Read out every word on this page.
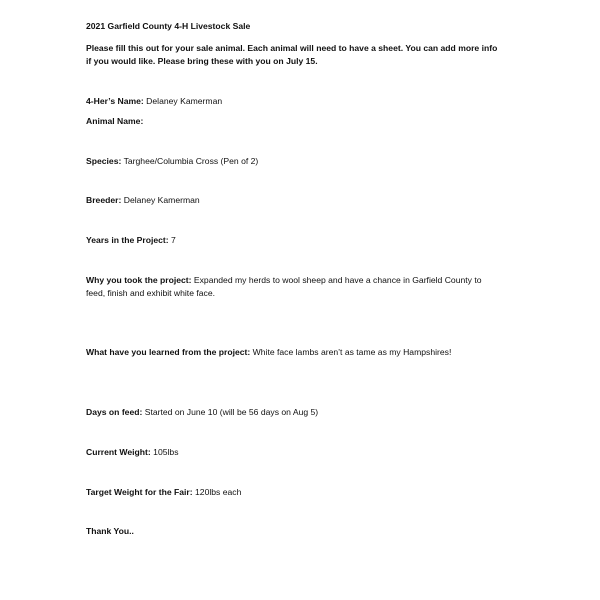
2021 Garfield County 4-H Livestock Sale

Please fill this out for your sale animal. Each animal will need to have a sheet. You can add more info

if you would like. Please bring these with you on July 15.

4-Her’s Name: Delaney Kamerman

Animal Name:

Species: Targhee/Columbia Cross (Pen of 2)

Breeder: Delaney Kamerman

Years in the Project: 7

Why you took the project: Expanded my herds to wool sheep and have a chance in Garfield County to

feed, finish and exhibit white face.

What have you learned from the project: White face lambs aren’t as tame as my Hampshires!

Days on feed: Started on June 10 (will be 56 days on Aug 5)

Current Weight: 105lbs

Target Weight for the Fair: 120lbs each

Thank You..
